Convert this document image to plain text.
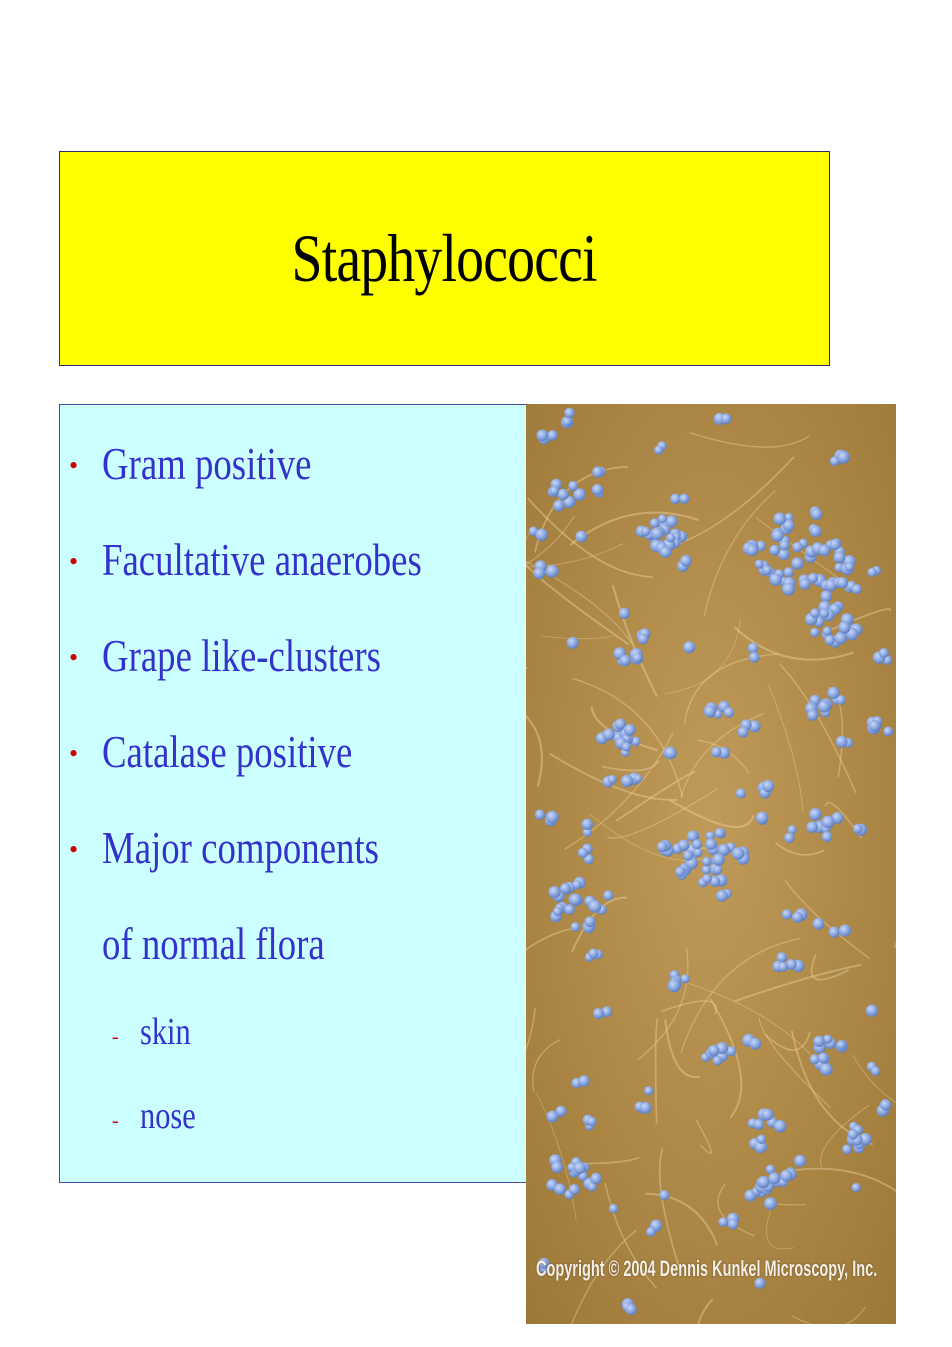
Staphylococci
• Gram positive
• Facultative anaerobes
• Grape like-clusters
• Catalase positive
• Major components
of normal flora
- skin
- nose
Copyright © 2004 Dennis Kunkel Microscopy, Inc.
